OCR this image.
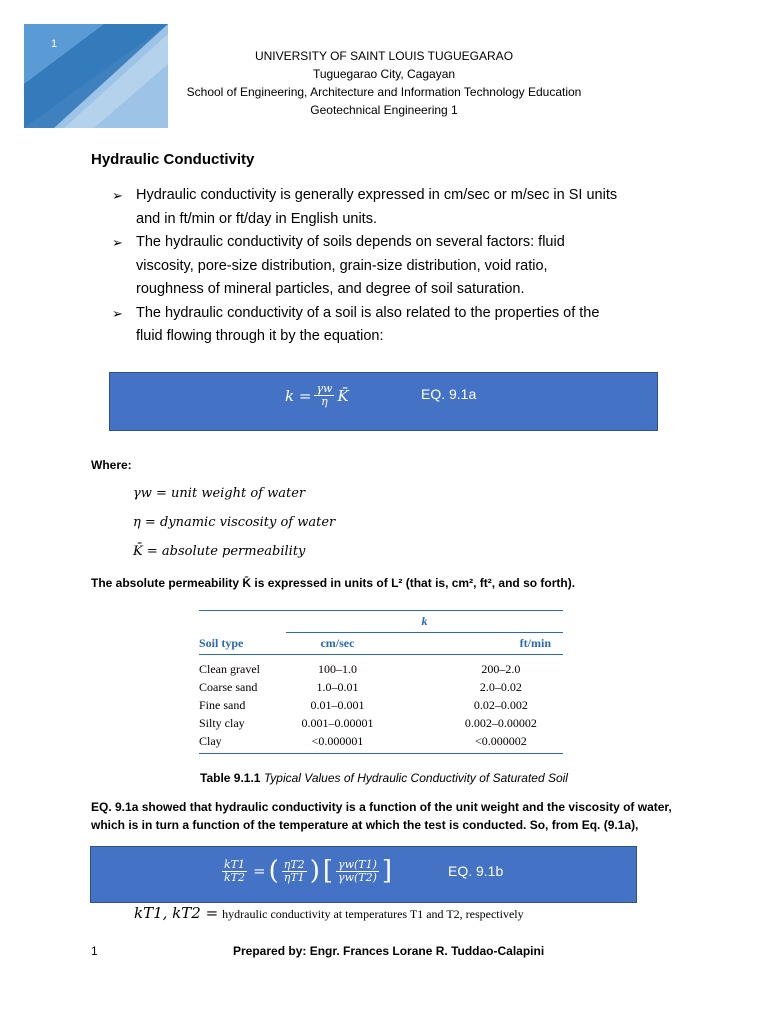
1
UNIVERSITY OF SAINT LOUIS TUGUEGARAO
Tuguegarao City, Cagayan
School of Engineering, Architecture and Information Technology Education
Geotechnical Engineering 1
Hydraulic Conductivity
➢ Hydraulic conductivity is generally expressed in cm/sec or m/sec in SI units
and in ft/min or ft/day in English units.
➢ The hydraulic conductivity of soils depends on several factors: fluid
viscosity, pore-size distribution, grain-size distribution, void ratio,
roughness of mineral particles, and degree of soil saturation.
➢ The hydraulic conductivity of a soil is also related to the properties of the
fluid flowing through it by the equation:
$k = \frac{\gamma w}{\eta}$ K̄	EQ. 9.1a
Where:
γw = unit weight of water
η = dynamic viscosity of water
K̄ = absolute permeability
The absolute permeability K̄ is expressed in units of L² (that is, cm², ft², and so forth).
	k	
Soil type	cm/sec	ft/min
Clean gravel	100–1.0	200–2.0
Coarse sand	1.0–0.01	2.0–0.02
Fine sand	0.01–0.001	0.02–0.002
Silty clay	0.001–0.00001	0.002–0.00002
Clay	<0.000001	<0.000002
Table 9.1.1 Typical Values of Hydraulic Conductivity of Saturated Soil
EQ. 9.1a showed that hydraulic conductivity is a function of the unit weight and the viscosity of water,
which is in turn a function of the temperature at which the test is conducted. So, from Eq. (9.1a),
$\frac{kT1}{kT2}$ = ( $\frac{\eta T2}{\eta T1}$ ) [ $\frac{\gamma w(T1)}{\gamma w(T2)}$ ]	EQ. 9.1b
kT1, kT2 = hydraulic conductivity at temperatures T1 and T2, respectively
1	Prepared by: Engr. Frances Lorane R. Tuddao-Calapini
